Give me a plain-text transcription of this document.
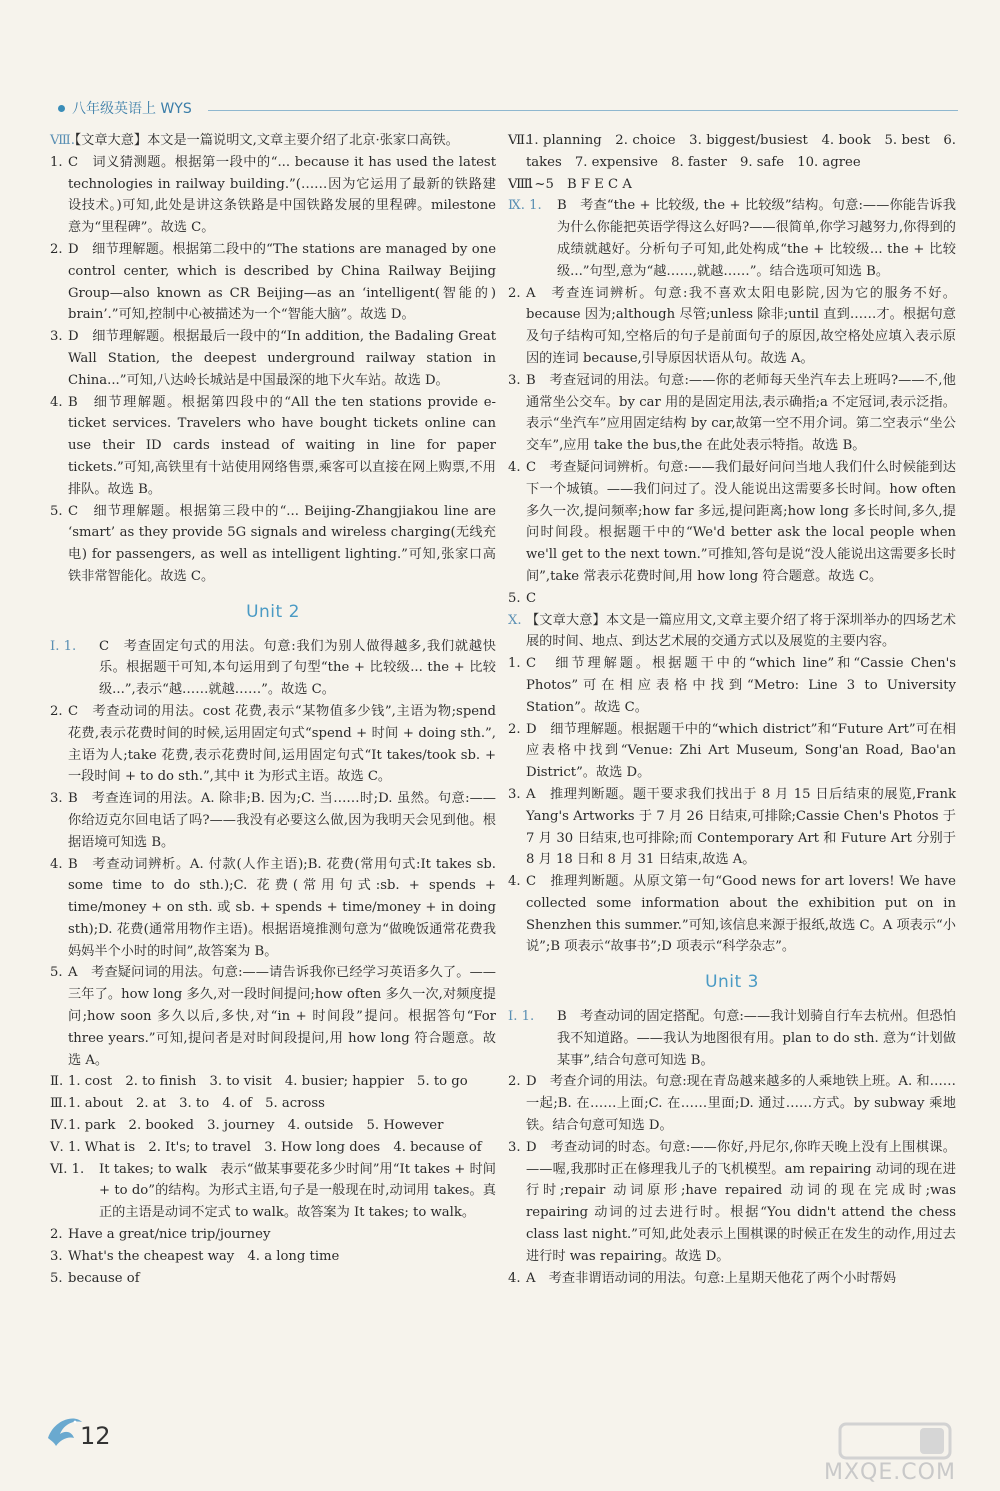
八年级英语上 WYS
Ⅷ.
【文章大意】本文是一篇说明文,文章主要介绍了北京·张家口高铁。
1. C　词义猜测题。根据第一段中的“... because it has used the latest technologies in railway building.”(……因为它运用了最新的铁路建设技术。)可知,此处是讲这条铁路是中国铁路发展的里程碑。milestone 意为“里程碑”。故选 C。
2. D　细节理解题。根据第二段中的“The stations are managed by one control center, which is described by China Railway Beijing Group—also known as CR Beijing—as an ‘intelligent(智能的) brain’.”可知,控制中心被描述为一个“智能大脑”。故选 D。
3. D　细节理解题。根据最后一段中的“In addition, the Badaling Great Wall Station, the deepest underground railway station in China...”可知,八达岭长城站是中国最深的地下火车站。故选 D。
4. B　细节理解题。根据第四段中的“All the ten stations provide e-ticket services. Travelers who have bought tickets online can use their ID cards instead of waiting in line for paper tickets.”可知,高铁里有十站使用网络售票,乘客可以直接在网上购票,不用排队。故选 B。
5. C　细节理解题。根据第三段中的“... Beijing-Zhangjiakou line are ‘smart’ as they provide 5G signals and wireless charging(无线充电) for passengers, as well as intelligent lighting.”可知,张家口高铁非常智能化。故选 C。
Unit 2
Ⅰ. 1. C　考查固定句式的用法。句意:我们为别人做得越多,我们就越快乐。根据题干可知,本句运用到了句型“the + 比较级... the + 比较级...”,表示“越……就越……”。故选 C。
2. C　考查动词的用法。cost 花费,表示“某物值多少钱”,主语为物;spend 花费,表示花费时间的时候,运用固定句式“spend + 时间 + doing sth.”,主语为人;take 花费,表示花费时间,运用固定句式“It takes/took sb. + 一段时间 + to do sth.”,其中 it 为形式主语。故选 C。
3. B　考查连词的用法。A. 除非;B. 因为;C. 当……时;D. 虽然。句意:——你给迈克尔回电话了吗?——我没有必要这么做,因为我明天会见到他。根据语境可知选 B。
4. B　考查动词辨析。A. 付款(人作主语);B. 花费(常用句式:It takes sb. some time to do sth.);C. 花费(常用句式:sb. + spends + time/money + on sth. 或 sb. + spends + time/money + in doing sth);D. 花费(通常用物作主语)。根据语境推测句意为“做晚饭通常花费我妈妈半个小时的时间”,故答案为 B。
5. A　考查疑问词的用法。句意:——请告诉我你已经学习英语多久了。——三年了。how long 多久,对一段时间提问;how often 多久一次,对频度提问;how soon 多久以后,多快,对“in + 时间段”提问。根据答句“For three years.”可知,提问者是对时间段提问,用 how long 符合题意。故选 A。
Ⅱ. 1. cost　2. to finish　3. to visit　4. busier; happier　5. to go
Ⅲ. 1. about　2. at　3. to　4. of　5. across
Ⅳ. 1. park　2. booked　3. journey　4. outside　5. However
Ⅴ. 1. What is　2. It's; to travel　3. How long does　4. because of
Ⅵ. 1. It takes; to walk　表示“做某事要花多少时间”用“It takes + 时间 + to do”的结构。为形式主语,句子是一般现在时,动词用 takes。真正的主语是动词不定式 to walk。故答案为 It takes; to walk。
2. Have a great/nice trip/journey
3. What's the cheapest way　4. a long time
5. because of
Ⅶ.
1. planning　2. choice　3. biggest/busiest　4. book　5. best　6. takes　7. expensive　8. faster　9. safe　10. agree
Ⅷ.
1~5　B F E C A
Ⅸ. 1. B　考查“the + 比较级, the + 比较级”结构。句意:——你能告诉我为什么你能把英语学得这么好吗?——很简单,你学习越努力,你得到的成绩就越好。分析句子可知,此处构成“the + 比较级... the + 比较级...”句型,意为“越……,就越……”。结合选项可知选 B。
2. A　考查连词辨析。句意:我不喜欢太阳电影院,因为它的服务不好。because 因为;although 尽管;unless 除非;until 直到……才。根据句意及句子结构可知,空格后的句子是前面句子的原因,故空格处应填入表示原因的连词 because,引导原因状语从句。故选 A。
3. B　考查冠词的用法。句意:——你的老师每天坐汽车去上班吗?——不,他通常坐公交车。by car 用的是固定用法,表示确指;a 不定冠词,表示泛指。表示“坐汽车”应用固定结构 by car,故第一空不用介词。第二空表示“坐公交车”,应用 take the bus,the 在此处表示特指。故选 B。
4. C　考查疑问词辨析。句意:——我们最好问问当地人我们什么时候能到达下一个城镇。——我们问过了。没人能说出这需要多长时间。how often 多久一次,提问频率;how far 多远,提问距离;how long 多长时间,多久,提问时间段。根据题干中的“We'd better ask the local people when we'll get to the next town.”可推知,答句是说“没人能说出这需要多长时间”,take 常表示花费时间,用 how long 符合题意。故选 C。
5. C
Ⅹ. 【文章大意】本文是一篇应用文,文章主要介绍了将于深圳举办的四场艺术展的时间、地点、到达艺术展的交通方式以及展览的主要内容。
1. C　细节理解题。根据题干中的“which line”和“Cassie Chen's Photos”可在相应表格中找到“Metro: Line 3 to University Station”。故选 C。
2. D　细节理解题。根据题干中的“which district”和“Future Art”可在相应表格中找到“Venue: Zhi Art Museum, Song'an Road, Bao'an District”。故选 D。
3. A　推理判断题。题干要求我们找出于 8 月 15 日后结束的展览,Frank Yang's Artworks 于 7 月 26 日结束,可排除;Cassie Chen's Photos 于 7 月 30 日结束,也可排除;而 Contemporary Art 和 Future Art 分别于 8 月 18 日和 8 月 31 日结束,故选 A。
4. C　推理判断题。从原文第一句“Good news for art lovers! We have collected some information about the exhibition put on in Shenzhen this summer.”可知,该信息来源于报纸,故选 C。A 项表示“小说”;B 项表示“故事书”;D 项表示“科学杂志”。
Unit 3
Ⅰ. 1. B　考查动词的固定搭配。句意:——我计划骑自行车去杭州。但恐怕我不知道路。——我认为地图很有用。plan to do sth. 意为“计划做某事”,结合句意可知选 B。
2. D　考查介词的用法。句意:现在青岛越来越多的人乘地铁上班。A. 和……一起;B. 在……上面;C. 在……里面;D. 通过……方式。by subway 乘地铁。结合句意可知选 D。
3. D　考查动词的时态。句意:——你好,丹尼尔,你昨天晚上没有上围棋课。——喔,我那时正在修理我儿子的飞机模型。am repairing 动词的现在进行时;repair 动词原形;have repaired 动词的现在完成时;was repairing 动词的过去进行时。根据“You didn't attend the chess class last night.”可知,此处表示上围棋课的时候正在发生的动作,用过去进行时 was repairing。故选 D。
4. A　考查非谓语动词的用法。句意:上星期天他花了两个小时帮妈
12
MXQE.COM
